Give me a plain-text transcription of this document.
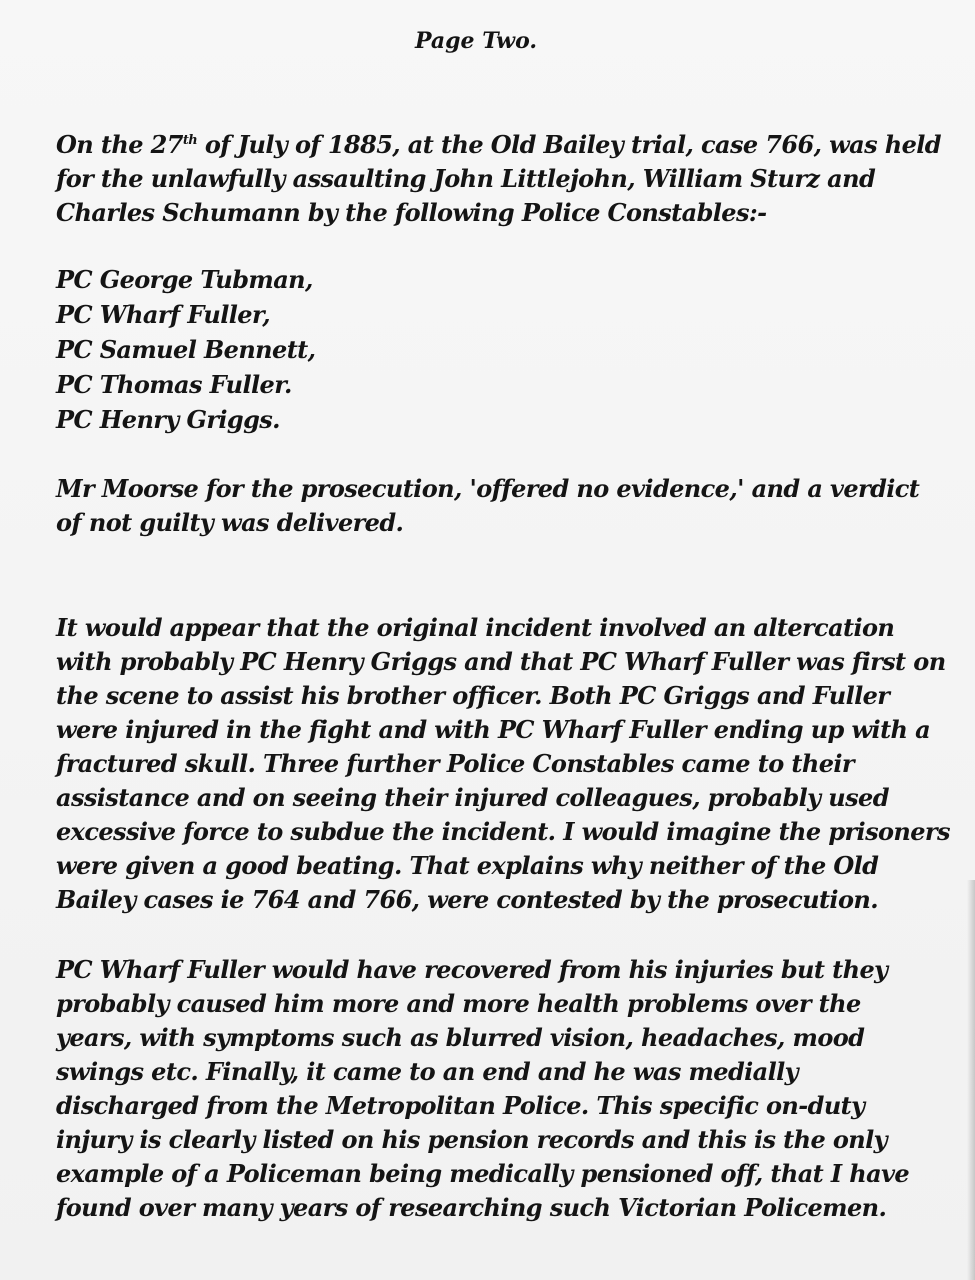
Page Two.

On the 27th of July of 1885, at the Old Bailey trial, case 766, was held for the unlawfully assaulting John Littlejohn, William Sturz and Charles Schumann by the following Police Constables:-

PC George Tubman,
PC Wharf Fuller,
PC Samuel Bennett,
PC Thomas Fuller.
PC Henry Griggs.

Mr Moorse for the prosecution, 'offered no evidence,' and a verdict of not guilty was delivered.

It would appear that the original incident involved an altercation with probably PC Henry Griggs and that PC Wharf Fuller was first on the scene to assist his brother officer. Both PC Griggs and Fuller were injured in the fight and with PC Wharf Fuller ending up with a fractured skull. Three further Police Constables came to their assistance and on seeing their injured colleagues, probably used excessive force to subdue the incident. I would imagine the prisoners were given a good beating. That explains why neither of the Old Bailey cases ie 764 and 766, were contested by the prosecution.

PC Wharf Fuller would have recovered from his injuries but they probably caused him more and more health problems over the years, with symptoms such as blurred vision, headaches, mood swings etc. Finally, it came to an end and he was medially discharged from the Metropolitan Police. This specific on-duty injury is clearly listed on his pension records and this is the only example of a Policeman being medically pensioned off, that I have found over many years of researching such Victorian Policemen.
